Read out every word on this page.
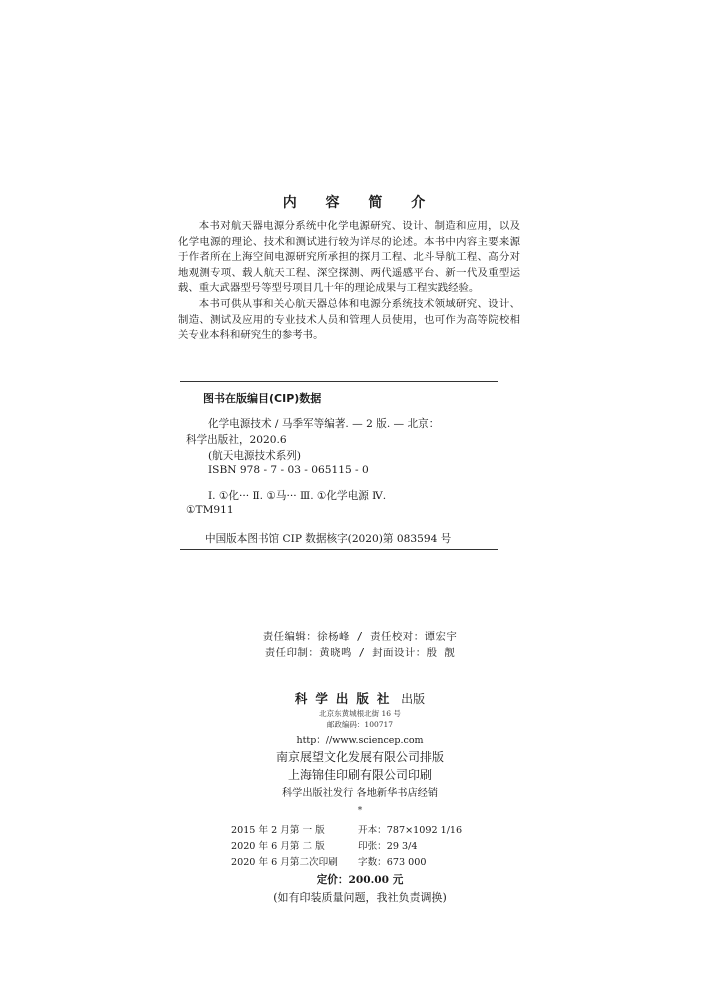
内 容 简 介

本书对航天器电源分系统中化学电源研究、设计、制造和应用，以及化学电源的理论、技术和测试进行较为详尽的论述。本书中内容主要来源于作者所在上海空间电源研究所承担的探月工程、北斗导航工程、高分对地观测专项、载人航天工程、深空探测、两代遥感平台、新一代及重型运载、重大武器型号等型号项目几十年的理论成果与工程实践经验。

本书可供从事和关心航天器总体和电源分系统技术领域研究、设计、制造、测试及应用的专业技术人员和管理人员使用，也可作为高等院校相关专业本科和研究生的参考书。

图书在版编目(CIP)数据
化学电源技术 / 马季军等编著. — 2 版. — 北京：
科学出版社，2020.6
(航天电源技术系列)
ISBN 978 - 7 - 03 - 065115 - 0
Ⅰ. ①化··· Ⅱ. ①马··· Ⅲ. ①化学电源 Ⅳ.
①TM911
中国版本图书馆 CIP 数据核字(2020)第 083594 号
责任编辑：徐杨峰 / 责任校对：谭宏宇
责任印制：黄晓鸣 / 封面设计：殷 靓
科学出版社 出版
北京东黄城根北街 16 号
邮政编码：100717
http：//www.sciencep.com
南京展望文化发展有限公司排版
上海锦佳印刷有限公司印刷
科学出版社发行 各地新华书店经销
*
2015 年 2 月第 一 版	开本：787×1092 1/16
2020 年 6 月第 二 版	印张：29 3/4
2020 年 6 月第二次印刷	字数：673 000
定价：200.00 元
(如有印装质量问题，我社负责调换)
